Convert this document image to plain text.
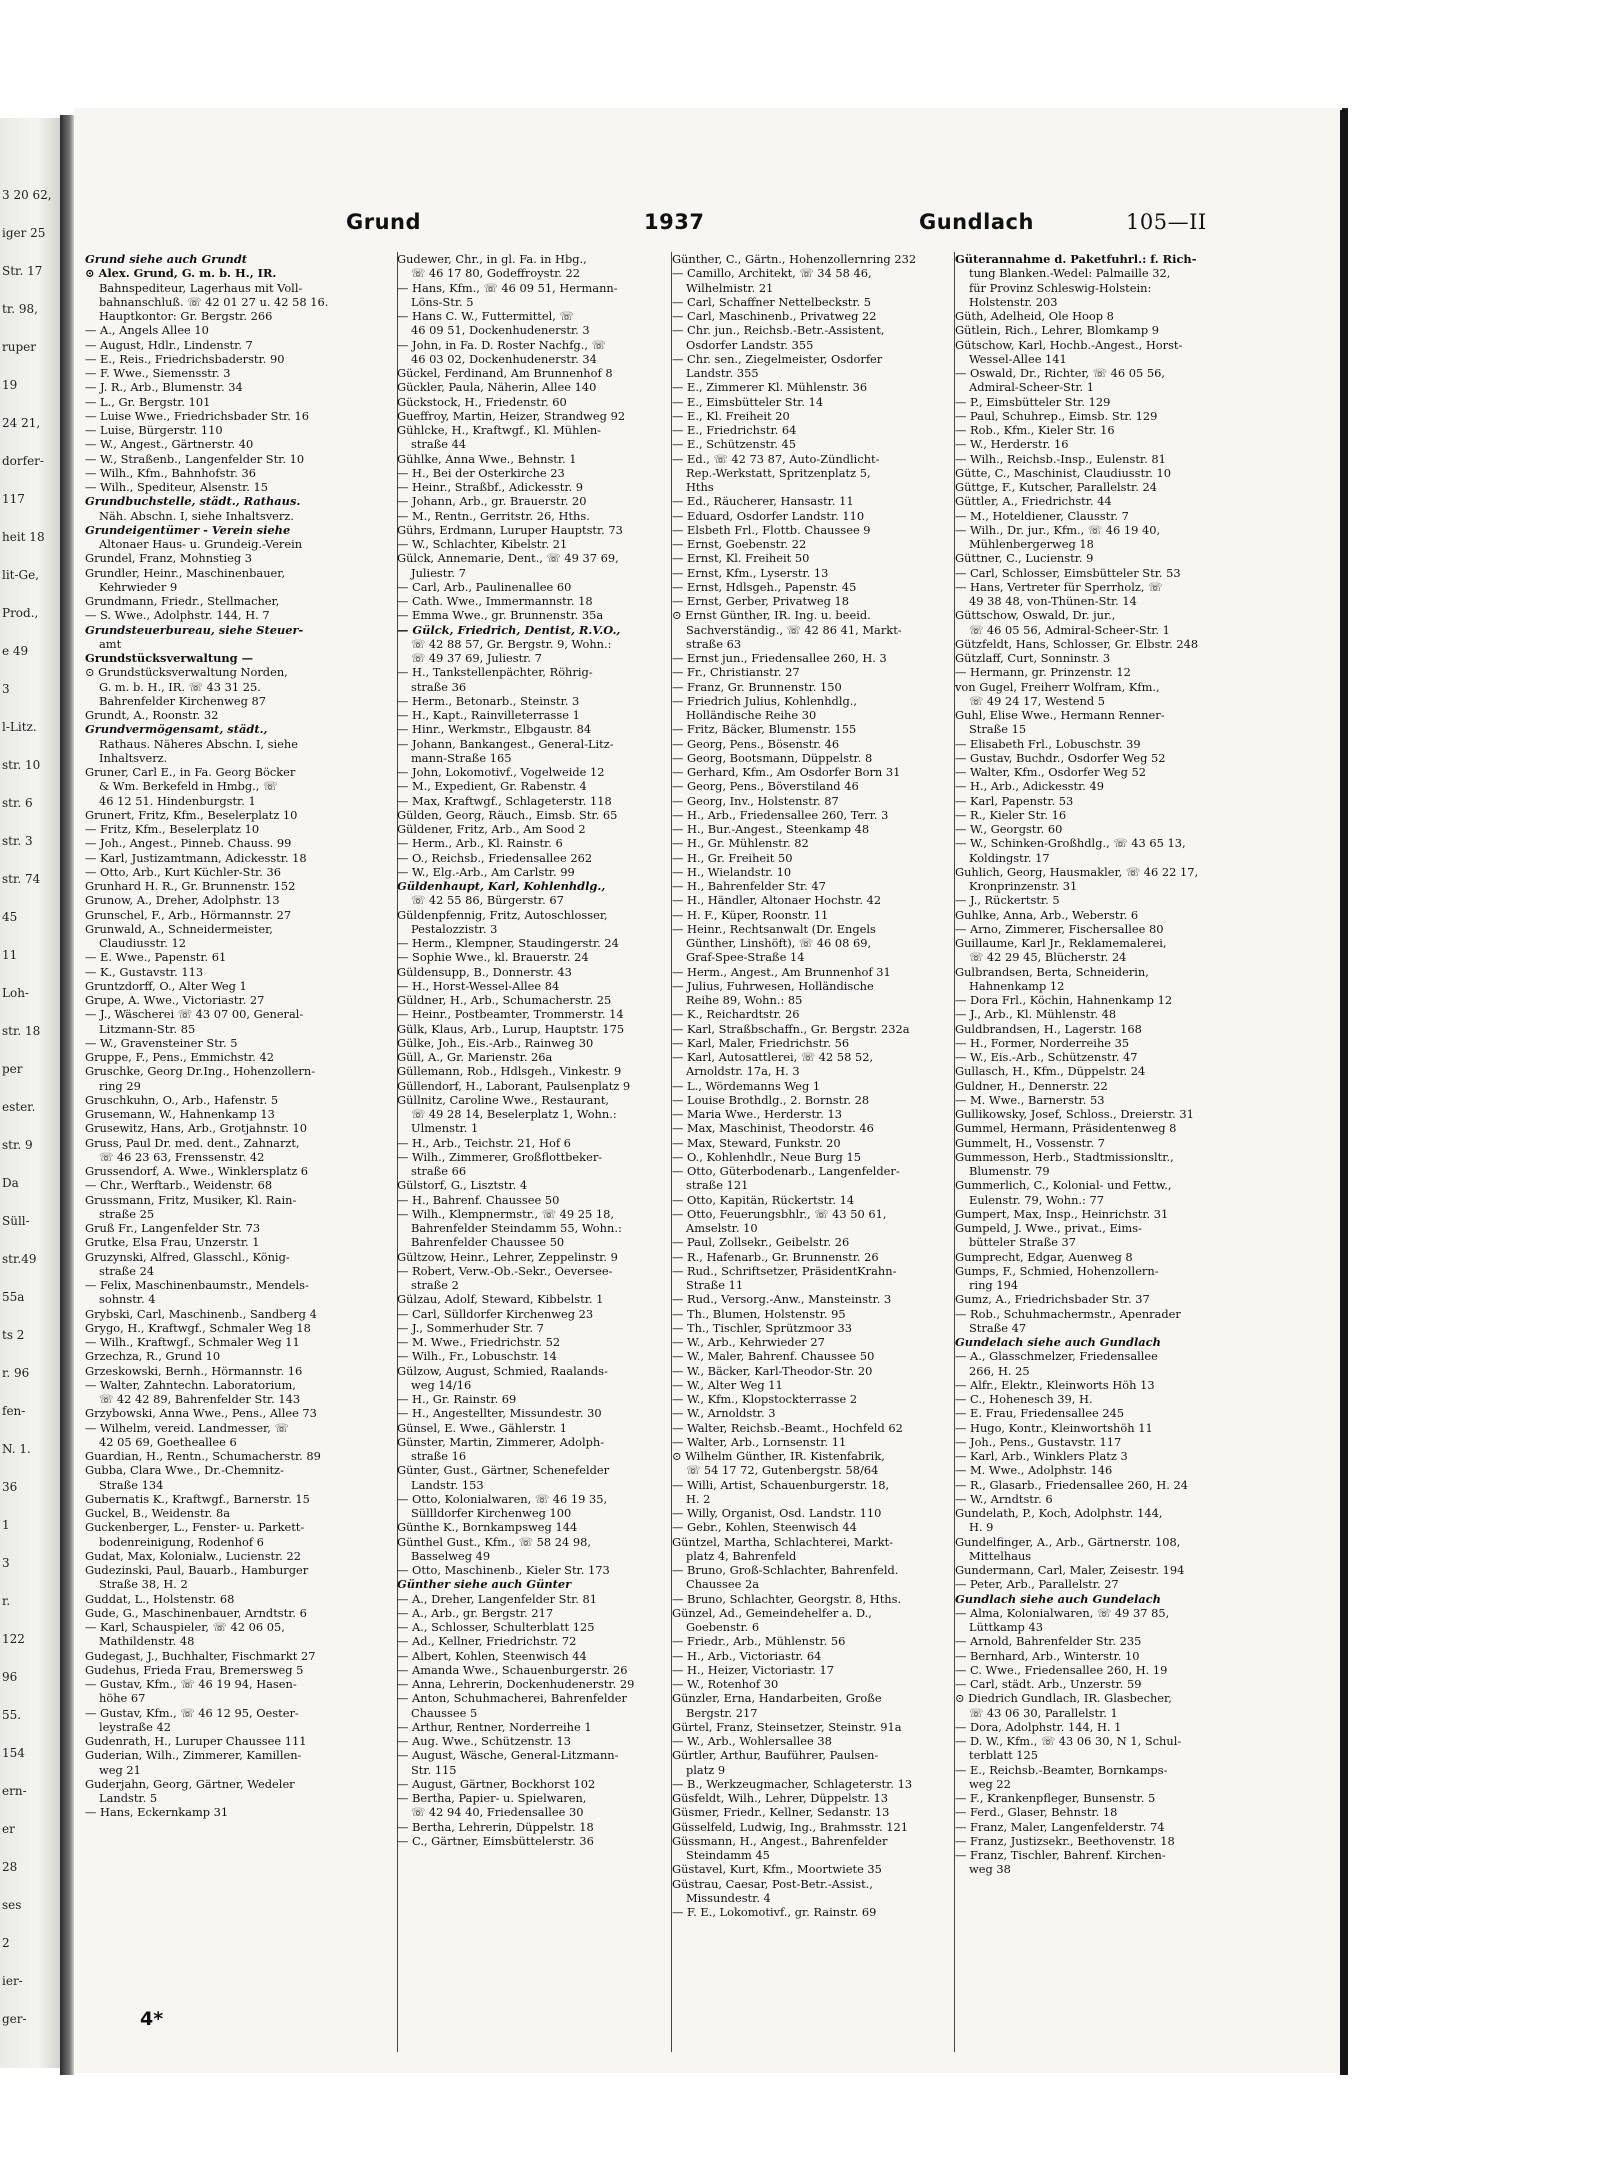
3 20 62,
iger 25
Str. 17
tr. 98,
ruper
19
24 21,
dorfer-
117
heit 18
lit-Ge,
Prod.,
e 49
3
l-Litz.
str. 10
str. 6
str. 3
str. 74
45
11
Loh-
str. 18
per
ester.
str. 9
Da
Süll-
str.49
55a
ts 2
r. 96
fen-
N. 1.
36
1
3
r.
122
96
55.
154
ern-
er
28
ses
2
ier-
ger-
Grund	1937	Gundlach	105—II
Grund siehe auch Grundt
⊙ Alex. Grund, G. m. b. H., IR.
Bahnspediteur, Lagerhaus mit Voll-
bahnanschluß. ☏ 42 01 27 u. 42 58 16.
Hauptkontor: Gr. Bergstr. 266
— A., Angels Allee 10
— August, Hdlr., Lindenstr. 7
— E., Reis., Friedrichsbaderstr. 90
— F. Wwe., Siemensstr. 3
— J. R., Arb., Blumenstr. 34
— L., Gr. Bergstr. 101
— Luise Wwe., Friedrichsbader Str. 16
— Luise, Bürgerstr. 110
— W., Angest., Gärtnerstr. 40
— W., Straßenb., Langenfelder Str. 10
— Wilh., Kfm., Bahnhofstr. 36
— Wilh., Spediteur, Alsenstr. 15
Grundbuchstelle, städt., Rathaus.
Näh. Abschn. I, siehe Inhaltsverz.
Grundeigentümer - Verein siehe
Altonaer Haus- u. Grundeig.-Verein
Grundel, Franz, Mohnstieg 3
Grundler, Heinr., Maschinenbauer,
Kehrwieder 9
Grundmann, Friedr., Stellmacher,
— S. Wwe., Adolphstr. 144, H. 7
Grundsteuerbureau, siehe Steuer-
amt
Grundstücksverwaltung —
⊙ Grundstücksverwaltung Norden,
G. m. b. H., IR. ☏ 43 31 25.
Bahrenfelder Kirchenweg 87
Grundt, A., Roonstr. 32
Grundvermögensamt, städt.,
Rathaus. Näheres Abschn. I, siehe
Inhaltsverz.
Gruner, Carl E., in Fa. Georg Böcker
& Wm. Berkefeld in Hmbg., ☏
46 12 51. Hindenburgstr. 1
Grunert, Fritz, Kfm., Beselerplatz 10
— Fritz, Kfm., Beselerplatz 10
— Joh., Angest., Pinneb. Chauss. 99
— Karl, Justizamtmann, Adickesstr. 18
— Otto, Arb., Kurt Küchler-Str. 36
Grunhard H. R., Gr. Brunnenstr. 152
Grunow, A., Dreher, Adolphstr. 13
Grunschel, F., Arb., Hörmannstr. 27
Grunwald, A., Schneidermeister,
Claudiusstr. 12
— E. Wwe., Papenstr. 61
— K., Gustavstr. 113
Gruntzdorff, O., Alter Weg 1
Grupe, A. Wwe., Victoriastr. 27
— J., Wäscherei ☏ 43 07 00, General-
Litzmann-Str. 85
— W., Gravensteiner Str. 5
Gruppe, F., Pens., Emmichstr. 42
Gruschke, Georg Dr.Ing., Hohenzollern-
ring 29
Gruschkuhn, O., Arb., Hafenstr. 5
Grusemann, W., Hahnenkamp 13
Grusewitz, Hans, Arb., Grotjahnstr. 10
Gruss, Paul Dr. med. dent., Zahnarzt,
☏ 46 23 63, Frenssenstr. 42
Grussendorf, A. Wwe., Winklersplatz 6
— Chr., Werftarb., Weidenstr. 68
Grussmann, Fritz, Musiker, Kl. Rain-
straße 25
Gruß Fr., Langenfelder Str. 73
Grutke, Elsa Frau, Unzerstr. 1
Gruzynski, Alfred, Glasschl., König-
straße 24
— Felix, Maschinenbaumstr., Mendels-
sohnstr. 4
Grybski, Carl, Maschinenb., Sandberg 4
Grygo, H., Kraftwgf., Schmaler Weg 18
— Wilh., Kraftwgf., Schmaler Weg 11
Grzechza, R., Grund 10
Grzeskowski, Bernh., Hörmannstr. 16
— Walter, Zahntechn. Laboratorium,
☏ 42 42 89, Bahrenfelder Str. 143
Grzybowski, Anna Wwe., Pens., Allee 73
— Wilhelm, vereid. Landmesser, ☏
42 05 69, Goetheallee 6
Guardian, H., Rentn., Schumacherstr. 89
Gubba, Clara Wwe., Dr.-Chemnitz-
Straße 134
Gubernatis K., Kraftwgf., Barnerstr. 15
Guckel, B., Weidenstr. 8a
Guckenberger, L., Fenster- u. Parkett-
bodenreinigung, Rodenhof 6
Gudat, Max, Kolonialw., Lucienstr. 22
Gudezinski, Paul, Bauarb., Hamburger
Straße 38, H. 2
Guddat, L., Holstenstr. 68
Gude, G., Maschinenbauer, Arndtstr. 6
— Karl, Schauspieler, ☏ 42 06 05,
Mathildenstr. 48
Gudegast, J., Buchhalter, Fischmarkt 27
Gudehus, Frieda Frau, Bremersweg 5
— Gustav, Kfm., ☏ 46 19 94, Hasen-
höhe 67
— Gustav, Kfm., ☏ 46 12 95, Oester-
leystraße 42
Gudenrath, H., Luruper Chaussee 111
Guderian, Wilh., Zimmerer, Kamillen-
weg 21
Guderjahn, Georg, Gärtner, Wedeler
Landstr. 5
— Hans, Eckernkamp 31
Gudewer, Chr., in gl. Fa. in Hbg.,
☏ 46 17 80, Godeffroystr. 22
— Hans, Kfm., ☏ 46 09 51, Hermann-
Löns-Str. 5
— Hans C. W., Futtermittel, ☏
46 09 51, Dockenhudenerstr. 3
— John, in Fa. D. Roster Nachfg., ☏
46 03 02, Dockenhudenerstr. 34
Gückel, Ferdinand, Am Brunnenhof 8
Gückler, Paula, Näherin, Allee 140
Gückstock, H., Friedenstr. 60
Gueffroy, Martin, Heizer, Strandweg 92
Gühlcke, H., Kraftwgf., Kl. Mühlen-
straße 44
Gühlke, Anna Wwe., Behnstr. 1
— H., Bei der Osterkirche 23
— Heinr., Straßbf., Adickesstr. 9
— Johann, Arb., gr. Brauerstr. 20
— M., Rentn., Gerritstr. 26, Hths.
Gührs, Erdmann, Luruper Hauptstr. 73
— W., Schlachter, Kibelstr. 21
Gülck, Annemarie, Dent., ☏ 49 37 69,
Juliestr. 7
— Carl, Arb., Paulinenallee 60
— Cath. Wwe., Immermannstr. 18
— Emma Wwe., gr. Brunnenstr. 35a
— Gülck, Friedrich, Dentist, R.V.O.,
☏ 42 88 57, Gr. Bergstr. 9, Wohn.:
☏ 49 37 69, Juliestr. 7
— H., Tankstellenpächter, Röhrig-
straße 36
— Herm., Betonarb., Steinstr. 3
— H., Kapt., Rainvilleterrasse 1
— Hinr., Werkmstr., Elbgaustr. 84
— Johann, Bankangest., General-Litz-
mann-Straße 165
— John, Lokomotivf., Vogelweide 12
— M., Expedient, Gr. Rabenstr. 4
— Max, Kraftwgf., Schlageterstr. 118
Gülden, Georg, Räuch., Eimsb. Str. 65
Güldener, Fritz, Arb., Am Sood 2
— Herm., Arb., Kl. Rainstr. 6
— O., Reichsb., Friedensallee 262
— W., Elg.-Arb., Am Carlstr. 99
Güldenhaupt, Karl, Kohlenhdlg.,
☏ 42 55 86, Bürgerstr. 67
Güldenpfennig, Fritz, Autoschlosser,
Pestalozzistr. 3
— Herm., Klempner, Staudingerstr. 24
— Sophie Wwe., kl. Brauerstr. 24
Güldensupp, B., Donnerstr. 43
— H., Horst-Wessel-Allee 84
Güldner, H., Arb., Schumacherstr. 25
— Heinr., Postbeamter, Trommerstr. 14
Gülk, Klaus, Arb., Lurup, Hauptstr. 175
Gülke, Joh., Eis.-Arb., Rainweg 30
Güll, A., Gr. Marienstr. 26a
Güllemann, Rob., Hdlsgeh., Vinkestr. 9
Güllendorf, H., Laborant, Paulsenplatz 9
Güllnitz, Caroline Wwe., Restaurant,
☏ 49 28 14, Beselerplatz 1, Wohn.:
Ulmenstr. 1
— H., Arb., Teichstr. 21, Hof 6
— Wilh., Zimmerer, Großflottbeker-
straße 66
Gülstorf, G., Lisztstr. 4
— H., Bahrenf. Chaussee 50
— Wilh., Klempnermstr., ☏ 49 25 18,
Bahrenfelder Steindamm 55, Wohn.:
Bahrenfelder Chaussee 50
Gültzow, Heinr., Lehrer, Zeppelinstr. 9
— Robert, Verw.-Ob.-Sekr., Oeversee-
straße 2
Gülzau, Adolf, Steward, Kibbelstr. 1
— Carl, Sülldorfer Kirchenweg 23
— J., Sommerhuder Str. 7
— M. Wwe., Friedrichstr. 52
— Wilh., Fr., Lobuschstr. 14
Gülzow, August, Schmied, Raalands-
weg 14/16
— H., Gr. Rainstr. 69
— H., Angestellter, Missundestr. 30
Günsel, E. Wwe., Gählerstr. 1
Günster, Martin, Zimmerer, Adolph-
straße 16
Günter, Gust., Gärtner, Schenefelder
Landstr. 153
— Otto, Kolonialwaren, ☏ 46 19 35,
Süllldorfer Kirchenweg 100
Günthe K., Bornkampsweg 144
Günthel Gust., Kfm., ☏ 58 24 98,
Basselweg 49
— Otto, Maschinenb., Kieler Str. 173
Günther siehe auch Günter
— A., Dreher, Langenfelder Str. 81
— A., Arb., gr. Bergstr. 217
— A., Schlosser, Schulterblatt 125
— Ad., Kellner, Friedrichstr. 72
— Albert, Kohlen, Steenwisch 44
— Amanda Wwe., Schauenburgerstr. 26
— Anna, Lehrerin, Dockenhudenerstr. 29
— Anton, Schuhmacherei, Bahrenfelder
Chaussee 5
— Arthur, Rentner, Norderreihe 1
— Aug. Wwe., Schützenstr. 13
— August, Wäsche, General-Litzmann-
Str. 115
— August, Gärtner, Bockhorst 102
— Bertha, Papier- u. Spielwaren,
☏ 42 94 40, Friedensallee 30
— Bertha, Lehrerin, Düppelstr. 18
— C., Gärtner, Eimsbüttelerstr. 36
Günther, C., Gärtn., Hohenzollernring 232
— Camillo, Architekt, ☏ 34 58 46,
Wilhelmistr. 21
— Carl, Schaffner Nettelbeckstr. 5
— Carl, Maschinenb., Privatweg 22
— Chr. jun., Reichsb.-Betr.-Assistent,
Osdorfer Landstr. 355
— Chr. sen., Ziegelmeister, Osdorfer
Landstr. 355
— E., Zimmerer Kl. Mühlenstr. 36
— E., Eimsbütteler Str. 14
— E., Kl. Freiheit 20
— E., Friedrichstr. 64
— E., Schützenstr. 45
— Ed., ☏ 42 73 87, Auto-Zündlicht-
Rep.-Werkstatt, Spritzenplatz 5,
Hths
— Ed., Räucherer, Hansastr. 11
— Eduard, Osdorfer Landstr. 110
— Elsbeth Frl., Flottb. Chaussee 9
— Ernst, Goebenstr. 22
— Ernst, Kl. Freiheit 50
— Ernst, Kfm., Lyserstr. 13
— Ernst, Hdlsgeh., Papenstr. 45
— Ernst, Gerber, Privatweg 18
⊙ Ernst Günther, IR. Ing. u. beeid.
Sachverständig., ☏ 42 86 41, Markt-
straße 63
— Ernst jun., Friedensallee 260, H. 3
— Fr., Christianstr. 27
— Franz, Gr. Brunnenstr. 150
— Friedrich Julius, Kohlenhdlg.,
Holländische Reihe 30
— Fritz, Bäcker, Blumenstr. 155
— Georg, Pens., Bösenstr. 46
— Georg, Bootsmann, Düppelstr. 8
— Gerhard, Kfm., Am Osdorfer Born 31
— Georg, Pens., Böverstiland 46
— Georg, Inv., Holstenstr. 87
— H., Arb., Friedensallee 260, Terr. 3
— H., Bur.-Angest., Steenkamp 48
— H., Gr. Mühlenstr. 82
— H., Gr. Freiheit 50
— H., Wielandstr. 10
— H., Bahrenfelder Str. 47
— H., Händler, Altonaer Hochstr. 42
— H. F., Küper, Roonstr. 11
— Heinr., Rechtsanwalt (Dr. Engels
Günther, Linshöft), ☏ 46 08 69,
Graf-Spee-Straße 14
— Herm., Angest., Am Brunnenhof 31
— Julius, Fuhrwesen, Holländische
Reihe 89, Wohn.: 85
— K., Reichardtstr. 26
— Karl, Straßbschaffn., Gr. Bergstr. 232a
— Karl, Maler, Friedrichstr. 56
— Karl, Autosattlerei, ☏ 42 58 52,
Arnoldstr. 17a, H. 3
— L., Wördemanns Weg 1
— Louise Brothdlg., 2. Bornstr. 28
— Maria Wwe., Herderstr. 13
— Max, Maschinist, Theodorstr. 46
— Max, Steward, Funkstr. 20
— O., Kohlenhdlr., Neue Burg 15
— Otto, Güterbodenarb., Langenfelder-
straße 121
— Otto, Kapitän, Rückertstr. 14
— Otto, Feuerungsbhlr., ☏ 43 50 61,
Amselstr. 10
— Paul, Zollsekr., Geibelstr. 26
— R., Hafenarb., Gr. Brunnenstr. 26
— Rud., Schriftsetzer, PräsidentKrahn-
Straße 11
— Rud., Versorg.-Anw., Mansteinstr. 3
— Th., Blumen, Holstenstr. 95
— Th., Tischler, Sprützmoor 33
— W., Arb., Kehrwieder 27
— W., Maler, Bahrenf. Chaussee 50
— W., Bäcker, Karl-Theodor-Str. 20
— W., Alter Weg 11
— W., Kfm., Klopstockterrasse 2
— W., Arnoldstr. 3
— Walter, Reichsb.-Beamt., Hochfeld 62
— Walter, Arb., Lornsenstr. 11
⊙ Wilhelm Günther, IR. Kistenfabrik,
☏ 54 17 72, Gutenbergstr. 58/64
— Willi, Artist, Schauenburgerstr. 18,
H. 2
— Willy, Organist, Osd. Landstr. 110
— Gebr., Kohlen, Steenwisch 44
Güntzel, Martha, Schlachterei, Markt-
platz 4, Bahrenfeld
— Bruno, Groß-Schlachter, Bahrenfeld.
Chaussee 2a
— Bruno, Schlachter, Georgstr. 8, Hths.
Günzel, Ad., Gemeindehelfer a. D.,
Goebenstr. 6
— Friedr., Arb., Mühlenstr. 56
— H., Arb., Victoriastr. 64
— H., Heizer, Victoriastr. 17
— W., Rotenhof 30
Günzler, Erna, Handarbeiten, Große
Bergstr. 217
Gürtel, Franz, Steinsetzer, Steinstr. 91a
— W., Arb., Wohlersallee 38
Gürtler, Arthur, Bauführer, Paulsen-
platz 9
— B., Werkzeugmacher, Schlageterstr. 13
Güsfeldt, Wilh., Lehrer, Düppelstr. 13
Güsmer, Friedr., Kellner, Sedanstr. 13
Güsselfeld, Ludwig, Ing., Brahmsstr. 121
Güssmann, H., Angest., Bahrenfelder
Steindamm 45
Güstavel, Kurt, Kfm., Moortwiete 35
Güstrau, Caesar, Post-Betr.-Assist.,
Missundestr. 4
— F. E., Lokomotivf., gr. Rainstr. 69
Güterannahme d. Paketfuhrl.: f. Rich-
tung Blanken.-Wedel: Palmaille 32,
für Provinz Schleswig-Holstein:
Holstenstr. 203
Güth, Adelheid, Ole Hoop 8
Gütlein, Rich., Lehrer, Blomkamp 9
Gütschow, Karl, Hochb.-Angest., Horst-
Wessel-Allee 141
— Oswald, Dr., Richter, ☏ 46 05 56,
Admiral-Scheer-Str. 1
— P., Eimsbütteler Str. 129
— Paul, Schuhrep., Eimsb. Str. 129
— Rob., Kfm., Kieler Str. 16
— W., Herderstr. 16
— Wilh., Reichsb.-Insp., Eulenstr. 81
Gütte, C., Maschinist, Claudiusstr. 10
Güttge, F., Kutscher, Parallelstr. 24
Güttler, A., Friedrichstr. 44
— M., Hoteldiener, Clausstr. 7
— Wilh., Dr. jur., Kfm., ☏ 46 19 40,
Mühlenbergerweg 18
Güttner, C., Lucienstr. 9
— Carl, Schlosser, Eimsbütteler Str. 53
— Hans, Vertreter für Sperrholz, ☏
49 38 48, von-Thünen-Str. 14
Güttschow, Oswald, Dr. jur.,
☏ 46 05 56, Admiral-Scheer-Str. 1
Gützfeldt, Hans, Schlosser, Gr. Elbstr. 248
Gützlaff, Curt, Sonninstr. 3
— Hermann, gr. Prinzenstr. 12
von Gugel, Freiherr Wolfram, Kfm.,
☏ 49 24 17, Westend 5
Guhl, Elise Wwe., Hermann Renner-
Straße 15
— Elisabeth Frl., Lobuschstr. 39
— Gustav, Buchdr., Osdorfer Weg 52
— Walter, Kfm., Osdorfer Weg 52
— H., Arb., Adickesstr. 49
— Karl, Papenstr. 53
— R., Kieler Str. 16
— W., Georgstr. 60
— W., Schinken-Großhdlg., ☏ 43 65 13,
Koldingstr. 17
Guhlich, Georg, Hausmakler, ☏ 46 22 17,
Kronprinzenstr. 31
— J., Rückertstr. 5
Guhlke, Anna, Arb., Weberstr. 6
— Arno, Zimmerer, Fischersallee 80
Guillaume, Karl Jr., Reklamemalerei,
☏ 42 29 45, Blücherstr. 24
Gulbrandsen, Berta, Schneiderin,
Hahnenkamp 12
— Dora Frl., Köchin, Hahnenkamp 12
— J., Arb., Kl. Mühlenstr. 48
Guldbrandsen, H., Lagerstr. 168
— H., Former, Norderreihe 35
— W., Eis.-Arb., Schützenstr. 47
Gullasch, H., Kfm., Düppelstr. 24
Guldner, H., Dennerstr. 22
— M. Wwe., Barnerstr. 53
Gullikowsky, Josef, Schloss., Dreierstr. 31
Gummel, Hermann, Präsidentenweg 8
Gummelt, H., Vossenstr. 7
Gummesson, Herb., Stadtmissionsltr.,
Blumenstr. 79
Gummerlich, C., Kolonial- und Fettw.,
Eulenstr. 79, Wohn.: 77
Gumpert, Max, Insp., Heinrichstr. 31
Gumpeld, J. Wwe., privat., Eims-
bütteler Straße 37
Gumprecht, Edgar, Auenweg 8
Gumps, F., Schmied, Hohenzollern-
ring 194
Gumz, A., Friedrichsbader Str. 37
— Rob., Schuhmachermstr., Apenrader
Straße 47
Gundelach siehe auch Gundlach
— A., Glasschmelzer, Friedensallee
266, H. 25
— Alfr., Elektr., Kleinworts Höh 13
— C., Hohenesch 39, H.
— E. Frau, Friedensallee 245
— Hugo, Kontr., Kleinwortshöh 11
— Joh., Pens., Gustavstr. 117
— Karl, Arb., Winklers Platz 3
— M. Wwe., Adolphstr. 146
— R., Glasarb., Friedensallee 260, H. 24
— W., Arndtstr. 6
Gundelath, P., Koch, Adolphstr. 144,
H. 9
Gundelfinger, A., Arb., Gärtnerstr. 108,
Mittelhaus
Gundermann, Carl, Maler, Zeisestr. 194
— Peter, Arb., Parallelstr. 27
Gundlach siehe auch Gundelach
— Alma, Kolonialwaren, ☏ 49 37 85,
Lüttkamp 43
— Arnold, Bahrenfelder Str. 235
— Bernhard, Arb., Winterstr. 10
— C. Wwe., Friedensallee 260, H. 19
— Carl, städt. Arb., Unzerstr. 59
⊙ Diedrich Gundlach, IR. Glasbecher,
☏ 43 06 30, Parallelstr. 1
— Dora, Adolphstr. 144, H. 1
— D. W., Kfm., ☏ 43 06 30, N 1, Schul-
terblatt 125
— E., Reichsb.-Beamter, Bornkamps-
weg 22
— F., Krankenpfleger, Bunsenstr. 5
— Ferd., Glaser, Behnstr. 18
— Franz, Maler, Langenfelderstr. 74
— Franz, Justizsekr., Beethovenstr. 18
— Franz, Tischler, Bahrenf. Kirchen-
weg 38
4*
